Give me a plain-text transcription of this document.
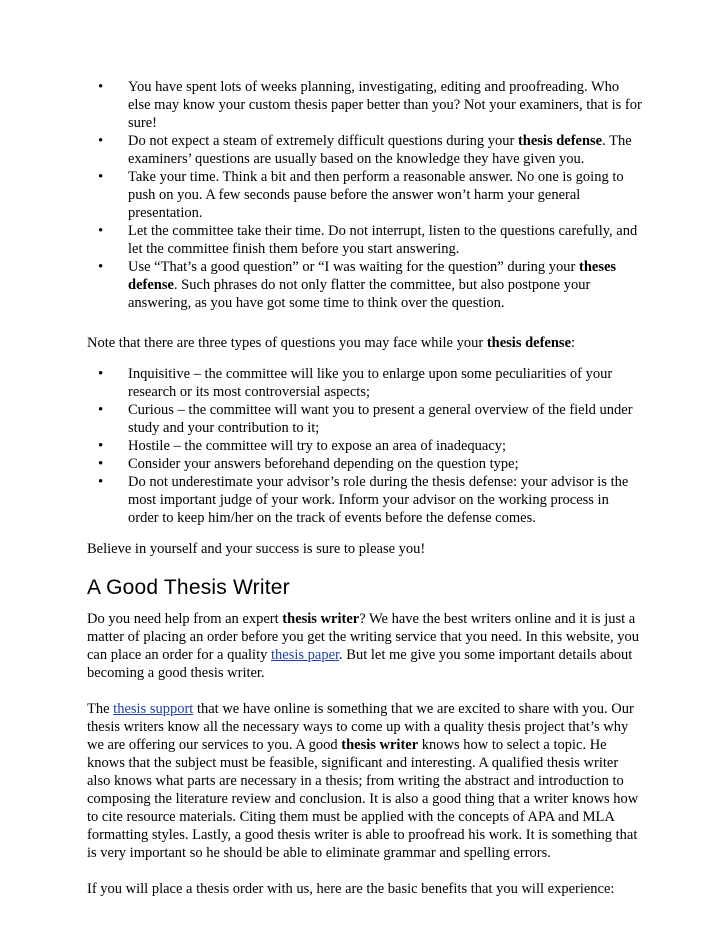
• You have spent lots of weeks planning, investigating, editing and proofreading. Who else may know your custom thesis paper better than you? Not your examiners, that is for sure!
• Do not expect a steam of extremely difficult questions during your thesis defense. The examiners’ questions are usually based on the knowledge they have given you.
• Take your time. Think a bit and then perform a reasonable answer. No one is going to push on you. A few seconds pause before the answer won’t harm your general presentation.
• Let the committee take their time. Do not interrupt, listen to the questions carefully, and let the committee finish them before you start answering.
• Use “That’s a good question” or “I was waiting for the question” during your theses defense. Such phrases do not only flatter the committee, but also postpone your answering, as you have got some time to think over the question.

Note that there are three types of questions you may face while your thesis defense:

• Inquisitive – the committee will like you to enlarge upon some peculiarities of your research or its most controversial aspects;
• Curious – the committee will want you to present a general overview of the field under study and your contribution to it;
• Hostile – the committee will try to expose an area of inadequacy;
• Consider your answers beforehand depending on the question type;
• Do not underestimate your advisor’s role during the thesis defense: your advisor is the most important judge of your work. Inform your advisor on the working process in order to keep him/her on the track of events before the defense comes.

Believe in yourself and your success is sure to please you!

A Good Thesis Writer

Do you need help from an expert thesis writer? We have the best writers online and it is just a matter of placing an order before you get the writing service that you need. In this website, you can place an order for a quality thesis paper. But let me give you some important details about becoming a good thesis writer.

The thesis support that we have online is something that we are excited to share with you. Our thesis writers know all the necessary ways to come up with a quality thesis project that’s why we are offering our services to you. A good thesis writer knows how to select a topic. He knows that the subject must be feasible, significant and interesting. A qualified thesis writer also knows what parts are necessary in a thesis; from writing the abstract and introduction to composing the literature review and conclusion. It is also a good thing that a writer knows how to cite resource materials. Citing them must be applied with the concepts of APA and MLA formatting styles. Lastly, a good thesis writer is able to proofread his work. It is something that is very important so he should be able to eliminate grammar and spelling errors.

If you will place a thesis order with us, here are the basic benefits that you will experience:
